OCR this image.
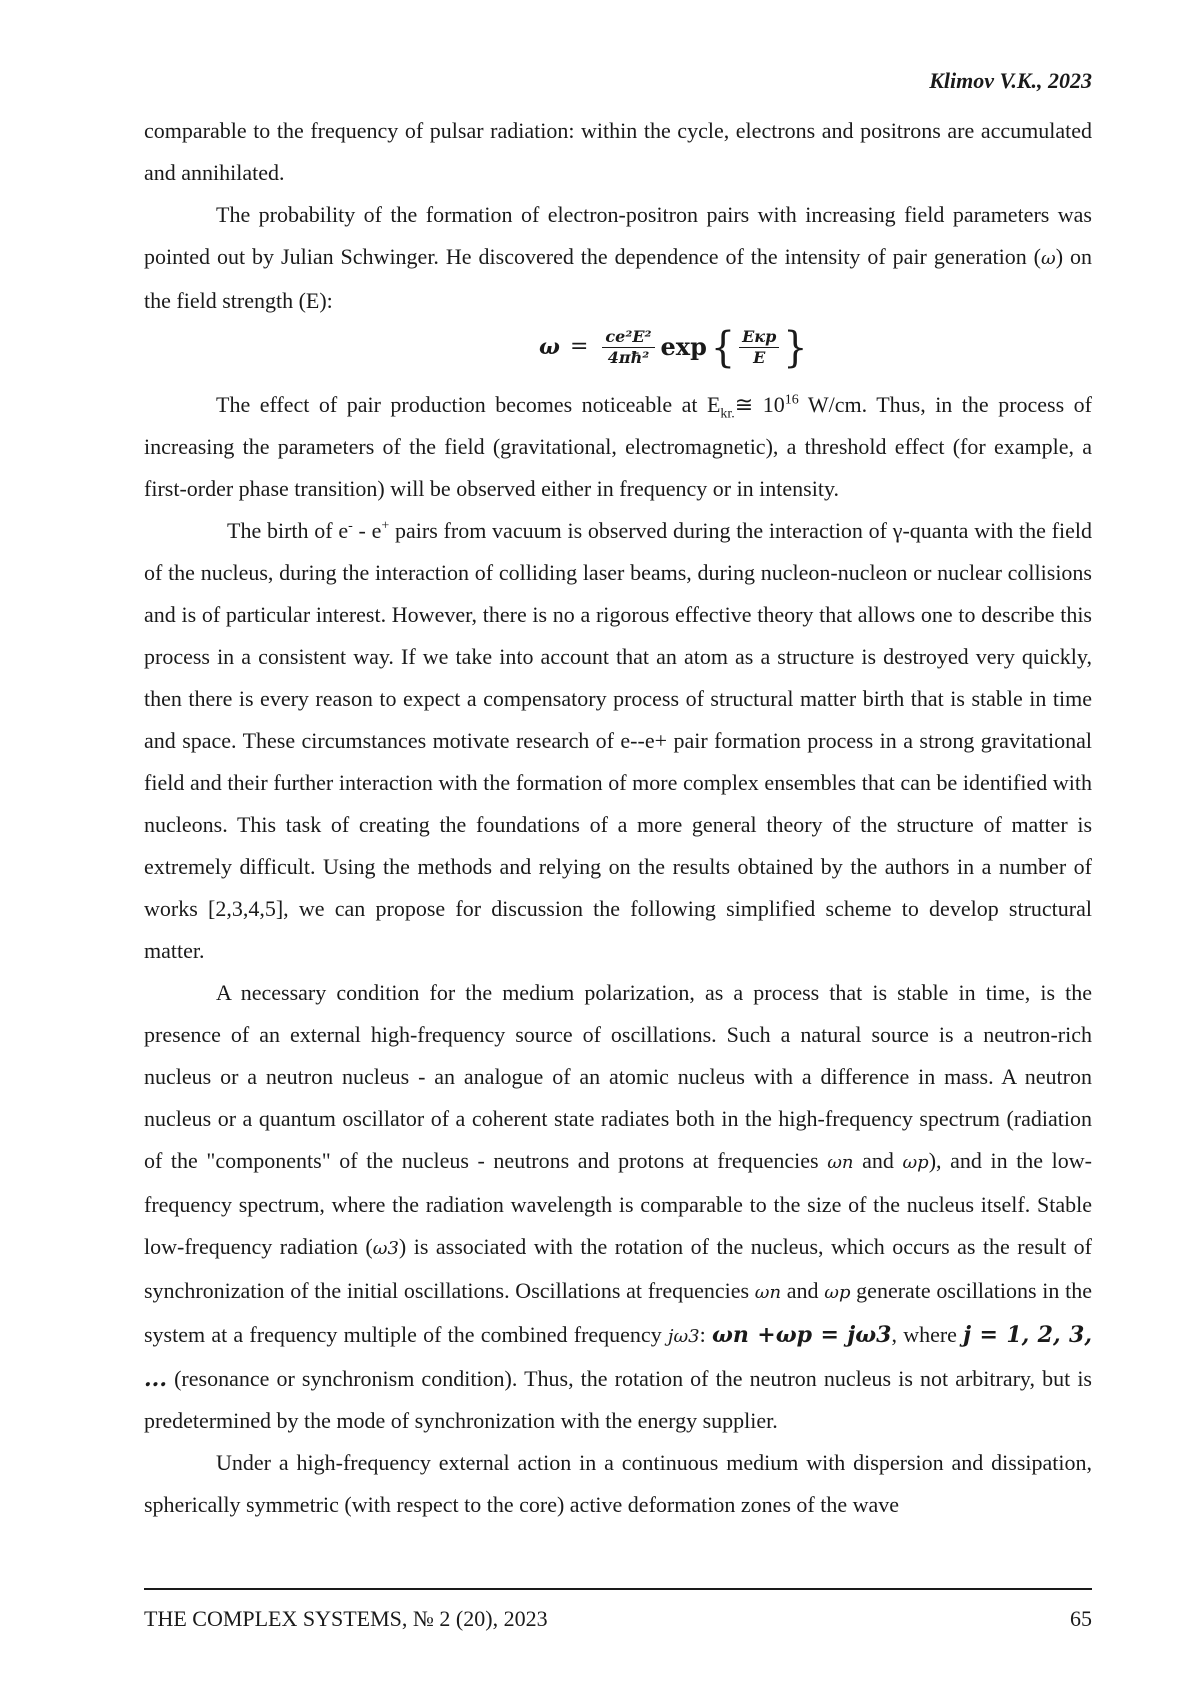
Klimov V.K., 2023

comparable to the frequency of pulsar radiation: within the cycle, electrons and positrons are accumulated and annihilated.

The probability of the formation of electron-positron pairs with increasing field parameters was pointed out by Julian Schwinger. He discovered the dependence of the intensity of pair generation (ω) on the field strength (E):

$\omega = \frac{\text{ce²E²}}{\text{4πħ²}}$ exp { $\frac{\text{Eкр}}{E}$ }

The effect of pair production becomes noticeable at $E_{kr.}≅$ $10^{16}$ W/cm. Thus, in the process of increasing the parameters of the field (gravitational, electromagnetic), a threshold effect (for example, a first-order phase transition) will be observed either in frequency or in intensity.

The birth of e- - e+ pairs from vacuum is observed during the interaction of γ-quanta with the field of the nucleus, during the interaction of colliding laser beams, during nucleon-nucleon or nuclear collisions and is of particular interest. However, there is no a rigorous effective theory that allows one to describe this process in a consistent way. If we take into account that an atom as a structure is destroyed very quickly, then there is every reason to expect a compensatory process of structural matter birth that is stable in time and space. These circumstances motivate research of e--e+ pair formation process in a strong gravitational field and their further interaction with the formation of more complex ensembles that can be identified with nucleons. This task of creating the foundations of a more general theory of the structure of matter is extremely difficult. Using the methods and relying on the results obtained by the authors in a number of works [2,3,4,5], we can propose for discussion the following simplified scheme to develop structural matter.

A necessary condition for the medium polarization, as a process that is stable in time, is the presence of an external high-frequency source of oscillations. Such a natural source is a neutron-rich nucleus or a neutron nucleus - an analogue of an atomic nucleus with a difference in mass. A neutron nucleus or a quantum oscillator of a coherent state radiates both in the high-frequency spectrum (radiation of the "components" of the nucleus - neutrons and protons at frequencies ωn and ωp), and in the low-frequency spectrum, where the radiation wavelength is comparable to the size of the nucleus itself. Stable low-frequency radiation (ω3) is associated with the rotation of the nucleus, which occurs as the result of synchronization of the initial oscillations. Oscillations at frequencies ωn and ωp generate oscillations in the system at a frequency multiple of the combined frequency jω3: ωn +ωp = jω3, where j = 1, 2, 3, ... (resonance or synchronism condition). Thus, the rotation of the neutron nucleus is not arbitrary, but is predetermined by the mode of synchronization with the energy supplier.

Under a high-frequency external action in a continuous medium with dispersion and dissipation, spherically symmetric (with respect to the core) active deformation zones of the wave

THE COMPLEX SYSTEMS, № 2 (20), 2023	65
